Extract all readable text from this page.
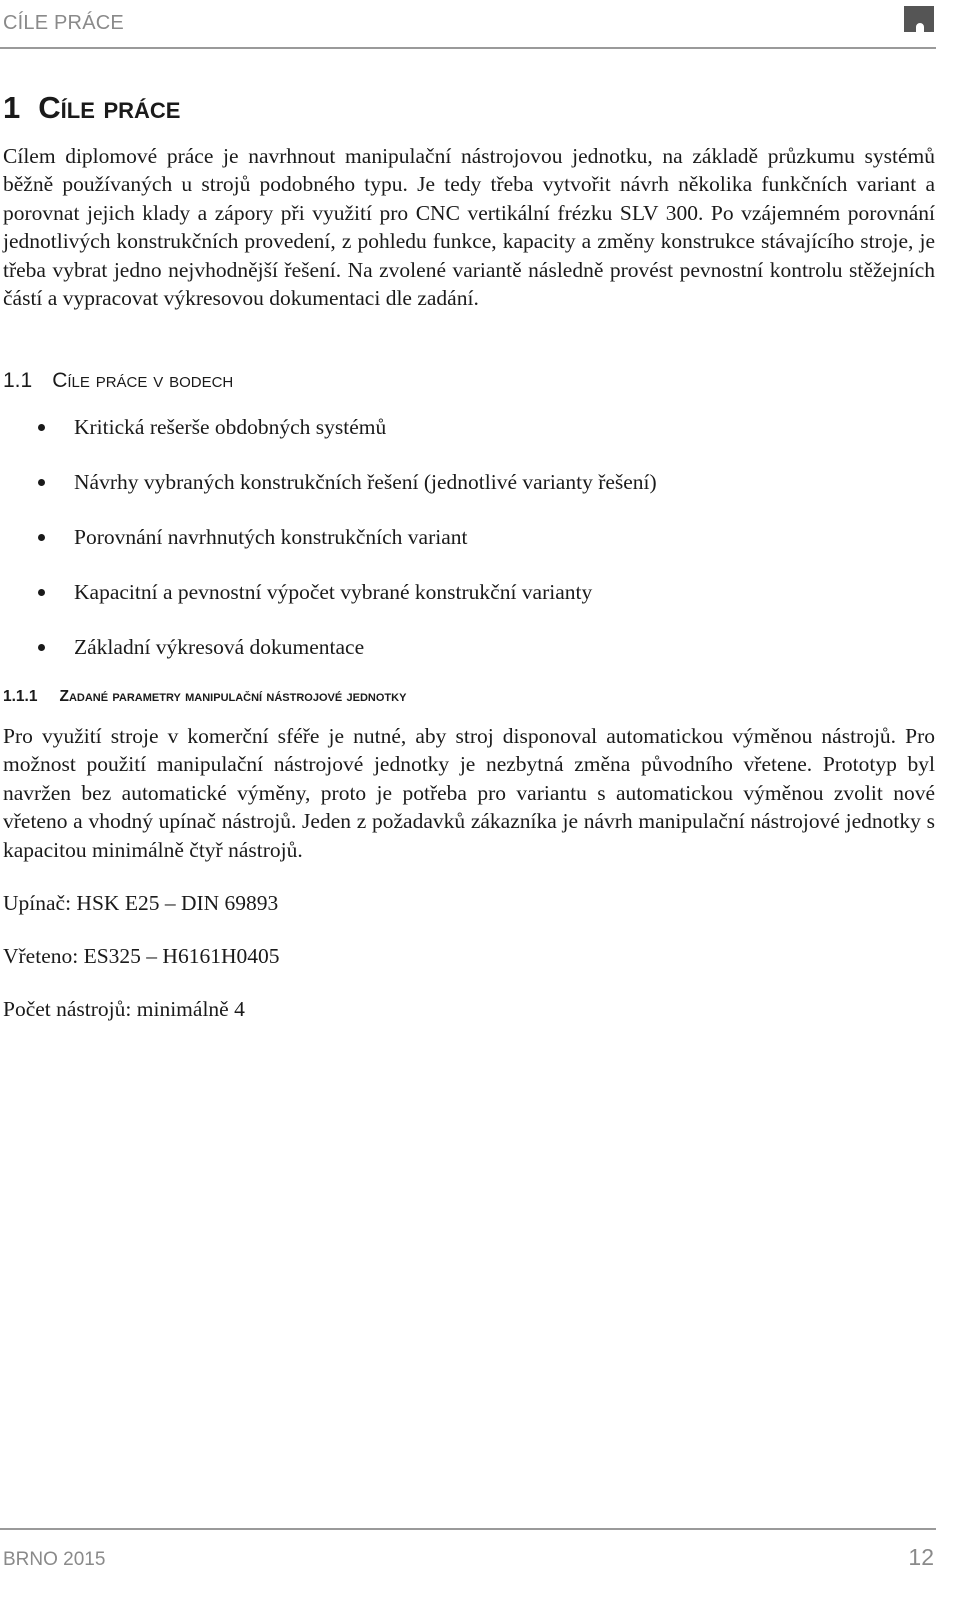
CÍLE PRÁCE
1 Cíle práce

Cílem diplomové práce je navrhnout manipulační nástrojovou jednotku, na základě průzkumu systémů běžně používaných u strojů podobného typu. Je tedy třeba vytvořit návrh několika funkčních variant a porovnat jejich klady a zápory při využití pro CNC vertikální frézku SLV 300. Po vzájemném porovnání jednotlivých konstrukčních provedení, z pohledu funkce, kapacity a změny konstrukce stávajícího stroje, je třeba vybrat jedno nejvhodnější řešení. Na zvolené variantě následně provést pevnostní kontrolu stěžejních částí a vypracovat výkresovou dokumentaci dle zadání.

1.1 Cíle práce v bodech
Kritická rešerše obdobných systémů
Návrhy vybraných konstrukčních řešení (jednotlivé varianty řešení)
Porovnání navrhnutých konstrukčních variant
Kapacitní a pevnostní výpočet vybrané konstrukční varianty
Základní výkresová dokumentace
1.1.1 Zadané parametry manipulační nástrojové jednotky

Pro využití stroje v komerční sféře je nutné, aby stroj disponoval automatickou výměnou nástrojů. Pro možnost použití manipulační nástrojové jednotky je nezbytná změna původního vřetene. Prototyp byl navržen bez automatické výměny, proto je potřeba pro variantu s automatickou výměnou zvolit nové vřeteno a vhodný upínač nástrojů. Jeden z požadavků zákazníka je návrh manipulační nástrojové jednotky s kapacitou minimálně čtyř nástrojů.

Upínač: HSK E25 – DIN 69893

Vřeteno: ES325 – H6161H0405

Počet nástrojů: minimálně 4

BRNO 2015	12
